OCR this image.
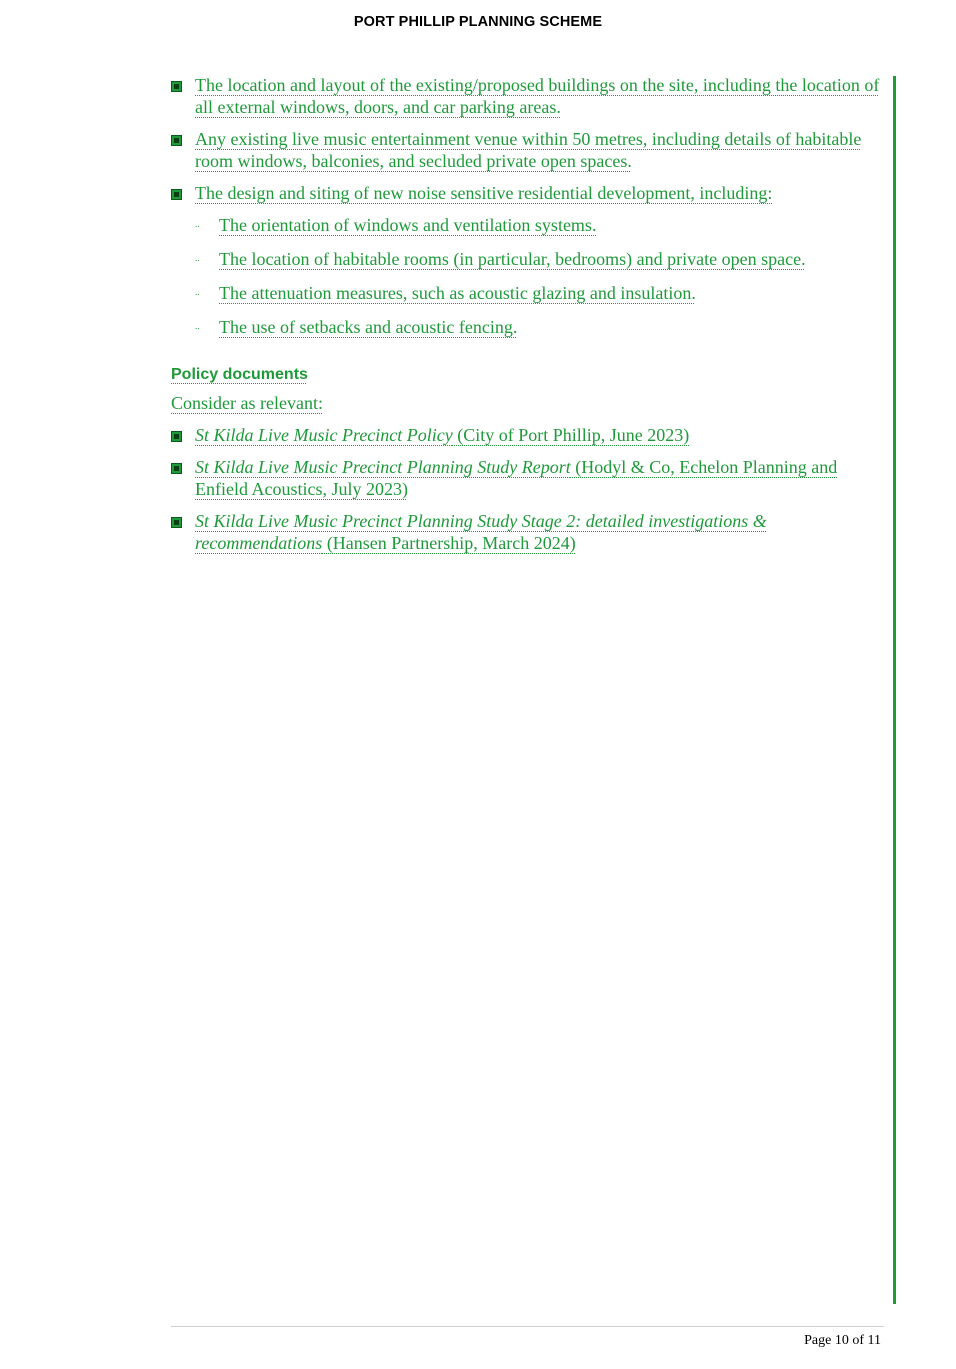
PORT PHILLIP PLANNING SCHEME
The location and layout of the existing/proposed buildings on the site, including the location of all external windows, doors, and car parking areas.
Any existing live music entertainment venue within 50 metres, including details of habitable room windows, balconies, and secluded private open spaces.
The design and siting of new noise sensitive residential development, including:
.. The orientation of windows and ventilation systems.
.. The location of habitable rooms (in particular, bedrooms) and private open space.
.. The attenuation measures, such as acoustic glazing and insulation.
.. The use of setbacks and acoustic fencing.
Policy documents
Consider as relevant:
St Kilda Live Music Precinct Policy (City of Port Phillip, June 2023)
St Kilda Live Music Precinct Planning Study Report (Hodyl & Co, Echelon Planning and Enfield Acoustics, July 2023)
St Kilda Live Music Precinct Planning Study Stage 2: detailed investigations & recommendations (Hansen Partnership, March 2024)
Page 10 of 11
